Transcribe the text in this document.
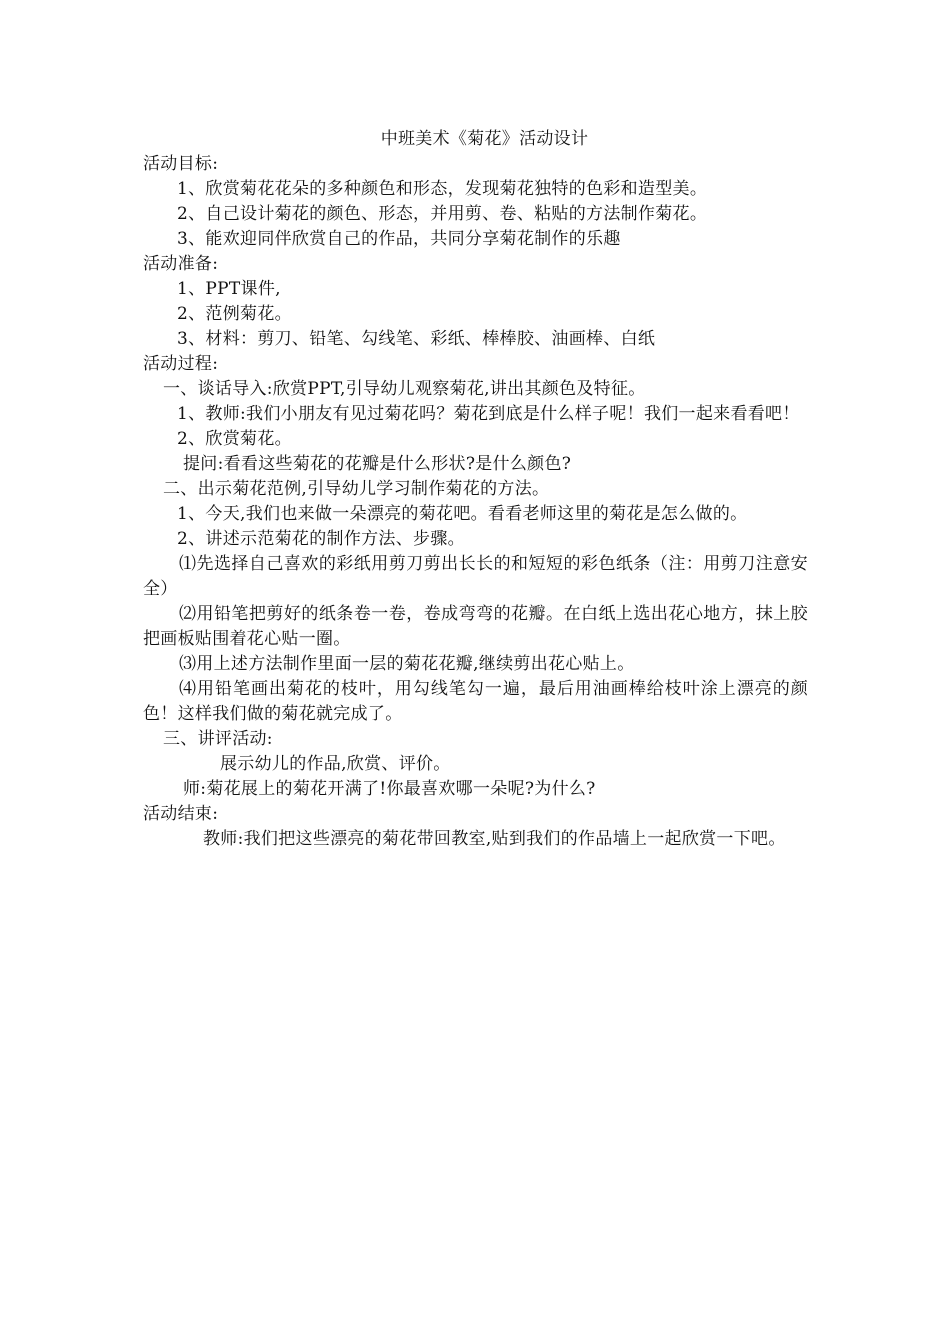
中班美术《菊花》活动设计

活动目标:

1、欣赏菊花花朵的多种颜色和形态，发现菊花独特的色彩和造型美。

2、自己设计菊花的颜色、形态，并用剪、卷、粘贴的方法制作菊花。

3、能欢迎同伴欣赏自己的作品，共同分享菊花制作的乐趣

活动准备:

1、PPT课件,

2、范例菊花。

3、材料：剪刀、铅笔、勾线笔、彩纸、棒棒胶、油画棒、白纸

活动过程:

一、谈话导入:欣赏PPT,引导幼儿观察菊花,讲出其颜色及特征。

1、教师:我们小朋友有见过菊花吗？菊花到底是什么样子呢！我们一起来看看吧！

2、欣赏菊花。

提问:看看这些菊花的花瓣是什么形状?是什么颜色?

二、出示菊花范例,引导幼儿学习制作菊花的方法。

1、今天,我们也来做一朵漂亮的菊花吧。看看老师这里的菊花是怎么做的。

2、讲述示范菊花的制作方法、步骤。

⑴先选择自己喜欢的彩纸用剪刀剪出长长的和短短的彩色纸条（注：用剪刀注意安全）

⑵用铅笔把剪好的纸条卷一卷，卷成弯弯的花瓣。在白纸上选出花心地方，抹上胶把画板贴围着花心贴一圈。

⑶用上述方法制作里面一层的菊花花瓣,继续剪出花心贴上。

⑷用铅笔画出菊花的枝叶，用勾线笔勾一遍，最后用油画棒给枝叶涂上漂亮的颜色！这样我们做的菊花就完成了。

三、讲评活动:

展示幼儿的作品,欣赏、评价。

师:菊花展上的菊花开满了!你最喜欢哪一朵呢?为什么?

活动结束:

教师:我们把这些漂亮的菊花带回教室,贴到我们的作品墙上一起欣赏一下吧。
